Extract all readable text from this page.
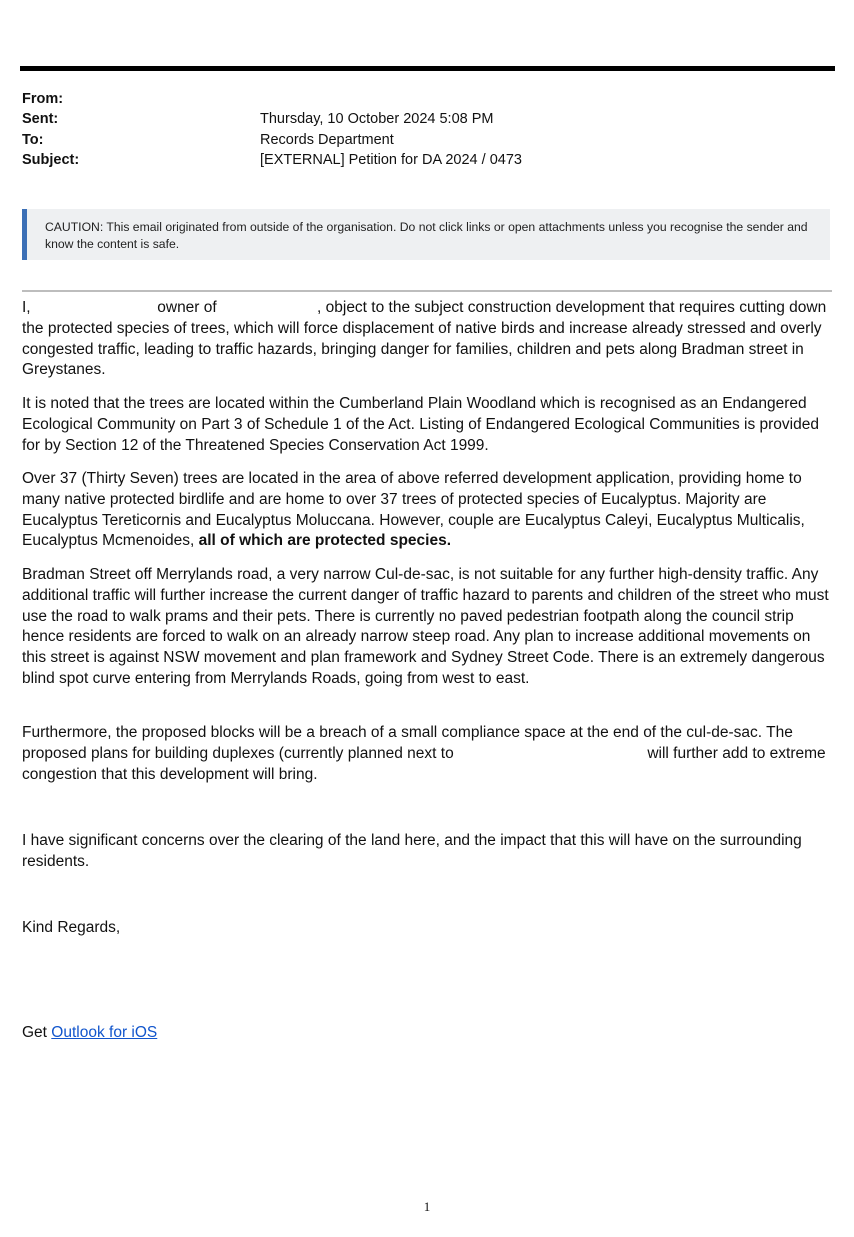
From:
Sent:	Thursday, 10 October 2024 5:08 PM
To:	Records Department
Subject:	[EXTERNAL] Petition for DA 2024 / 0473
CAUTION: This email originated from outside of the organisation. Do not click links or open attachments unless you recognise the sender and know the content is safe.
I,	owner of	, object to the subject construction development that requires cutting down the protected species of trees, which will force displacement of native birds and increase already stressed and overly congested traffic, leading to traffic hazards, bringing danger for families, children and pets along Bradman street in Greystanes.
It is noted that the trees are located within the Cumberland Plain Woodland which is recognised as an Endangered Ecological Community on Part 3 of Schedule 1 of the Act. Listing of Endangered Ecological Communities is provided for by Section 12 of the Threatened Species Conservation Act 1999.
Over 37 (Thirty Seven) trees are located in the area of above referred development application, providing home to many native protected birdlife and are home to over 37 trees of protected species of Eucalyptus. Majority are Eucalyptus Tereticornis and Eucalyptus Moluccana. However, couple are Eucalyptus Caleyi, Eucalyptus Multicalis, Eucalyptus Mcmenoides, all of which are protected species.
Bradman Street off Merrylands road, a very narrow Cul-de-sac, is not suitable for any further high-density traffic. Any additional traffic will further increase the current danger of traffic hazard to parents and children of the street who must use the road to walk prams and their pets. There is currently no paved pedestrian footpath along the council strip hence residents are forced to walk on an already narrow steep road. Any plan to increase additional movements on this street is against NSW movement and plan framework and Sydney Street Code. There is an extremely dangerous blind spot curve entering from Merrylands Roads, going from west to east.
Furthermore, the proposed blocks will be a breach of a small compliance space at the end of the cul-de-sac. The proposed plans for building duplexes (currently planned next to	will further add to extreme congestion that this development will bring.
I have significant concerns over the clearing of the land here, and the impact that this will have on the surrounding residents.
Kind Regards,
Get Outlook for iOS
1
